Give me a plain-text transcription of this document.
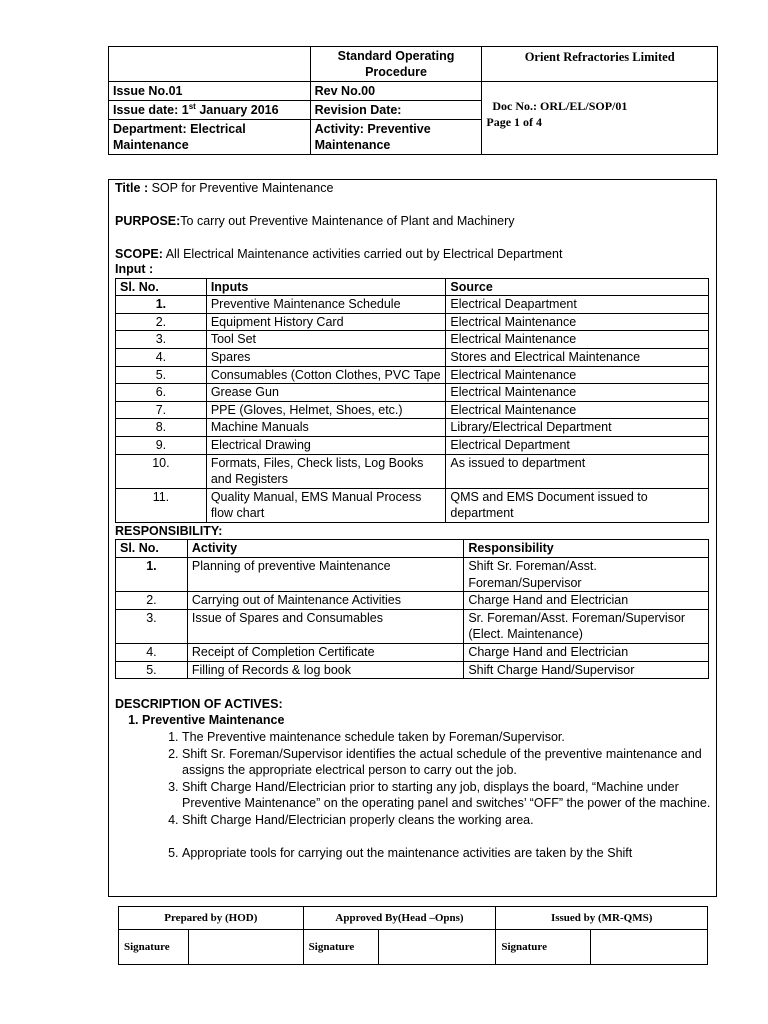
	Standard Operating Procedure	Orient Refractories Limited
Issue No.01	Rev No.00	Doc No.: ORL/EL/SOP/01
Page 1 of 4

Issue date: 1st January 2016	Revision Date:	
Department: Electrical Maintenance	Activity: Preventive Maintenance	
Title : SOP for Preventive Maintenance
PURPOSE:To carry out Preventive Maintenance of Plant and Machinery
SCOPE: All Electrical Maintenance activities carried out by Electrical Department
Input :
Sl. No.	Inputs	Source
1.	Preventive Maintenance Schedule	Electrical Deapartment
2.	Equipment History Card	Electrical Maintenance
3.	Tool Set	Electrical Maintenance
4.	Spares	Stores and Electrical Maintenance
5.	Consumables (Cotton Clothes, PVC Tape	Electrical Maintenance
6.	Grease Gun	Electrical Maintenance
7.	PPE (Gloves, Helmet, Shoes, etc.)	Electrical Maintenance
8.	Machine Manuals	Library/Electrical Department
9.	Electrical Drawing	Electrical Department
10.	Formats, Files, Check lists, Log Books and Registers	As issued to department
11.	Quality Manual, EMS Manual Process flow chart	QMS and EMS Document issued to department
RESPONSIBILITY:
Sl. No.	Activity	Responsibility
1.	Planning of preventive Maintenance	Shift Sr. Foreman/Asst. Foreman/Supervisor
2.	Carrying out of Maintenance Activities	Charge Hand and Electrician
3.	Issue of Spares and Consumables	Sr. Foreman/Asst. Foreman/Supervisor (Elect. Maintenance)
4.	Receipt of Completion Certificate	Charge Hand and Electrician
5.	Filling of Records & log book	Shift Charge Hand/Supervisor
DESCRIPTION OF ACTIVES:
1. Preventive Maintenance
1. The Preventive maintenance schedule taken by Foreman/Supervisor.
2. Shift Sr. Foreman/Supervisor identifies the actual schedule of the preventive maintenance and assigns the appropriate electrical person to carry out the job.
3. Shift Charge Hand/Electrician prior to starting any job, displays the board, “Machine under Preventive Maintenance” on the operating panel and switches’ “OFF” the power of the machine.
4. Shift Charge Hand/Electrician properly cleans the working area.
5. Appropriate tools for carrying out the maintenance activities are taken by the Shift
Prepared by (HOD)		Approved By(Head –Opns)		Issued by (MR-QMS)	
Signature		Signature		Signature	
